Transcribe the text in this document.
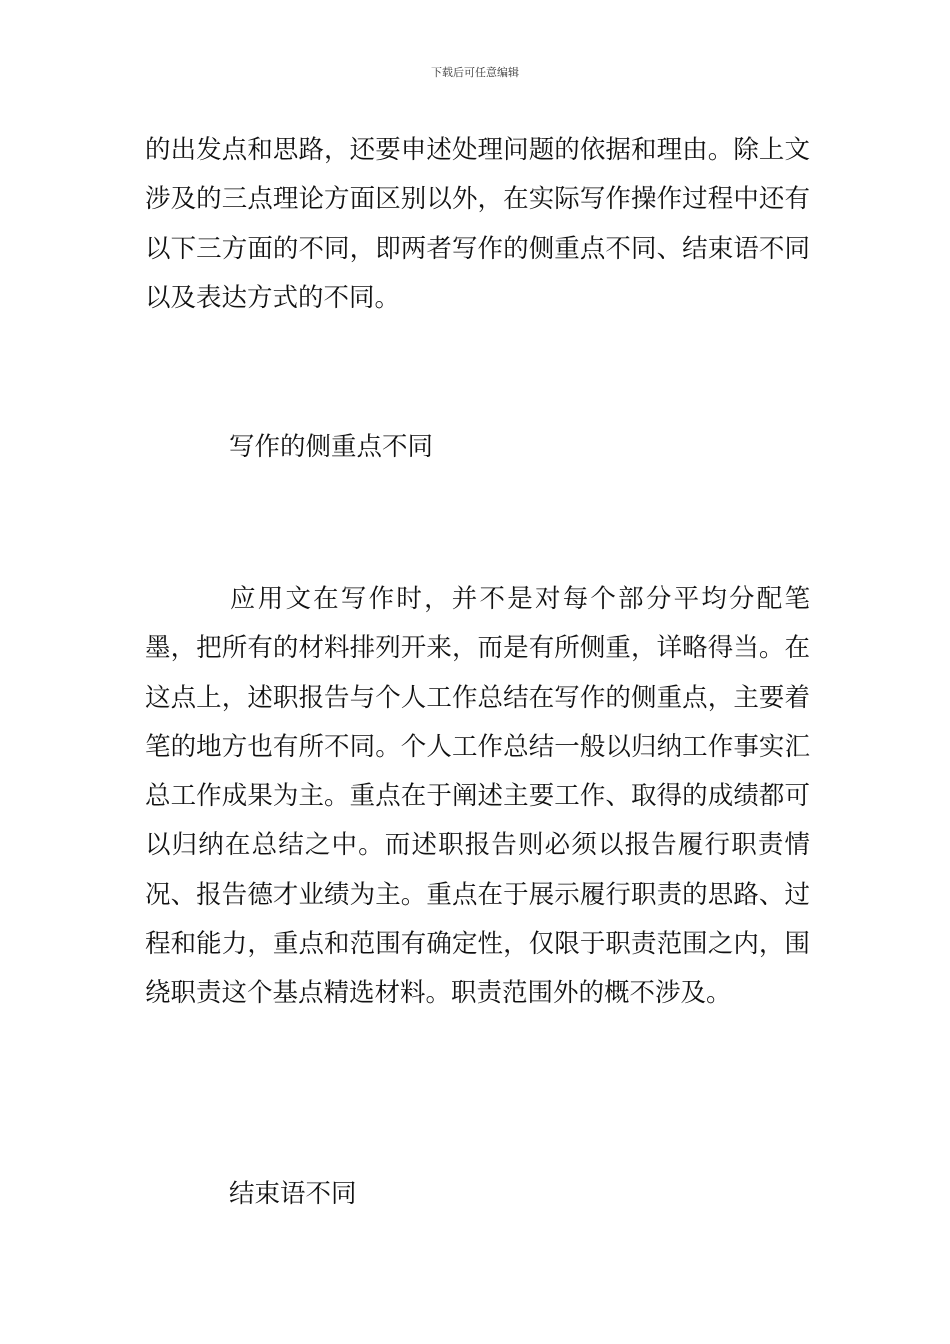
下载后可任意编辑

的出发点和思路，还要申述处理问题的依据和理由。除上文涉及的三点理论方面区别以外，在实际写作操作过程中还有以下三方面的不同，即两者写作的侧重点不同、结束语不同以及表达方式的不同。

写作的侧重点不同

应用文在写作时，并不是对每个部分平均分配笔墨，把所有的材料排列开来，而是有所侧重，详略得当。在这点上，述职报告与个人工作总结在写作的侧重点，主要着笔的地方也有所不同。个人工作总结一般以归纳工作事实汇总工作成果为主。重点在于阐述主要工作、取得的成绩都可以归纳在总结之中。而述职报告则必须以报告履行职责情况、报告德才业绩为主。重点在于展示履行职责的思路、过程和能力，重点和范围有确定性，仅限于职责范围之内，围绕职责这个基点精选材料。职责范围外的概不涉及。

结束语不同
